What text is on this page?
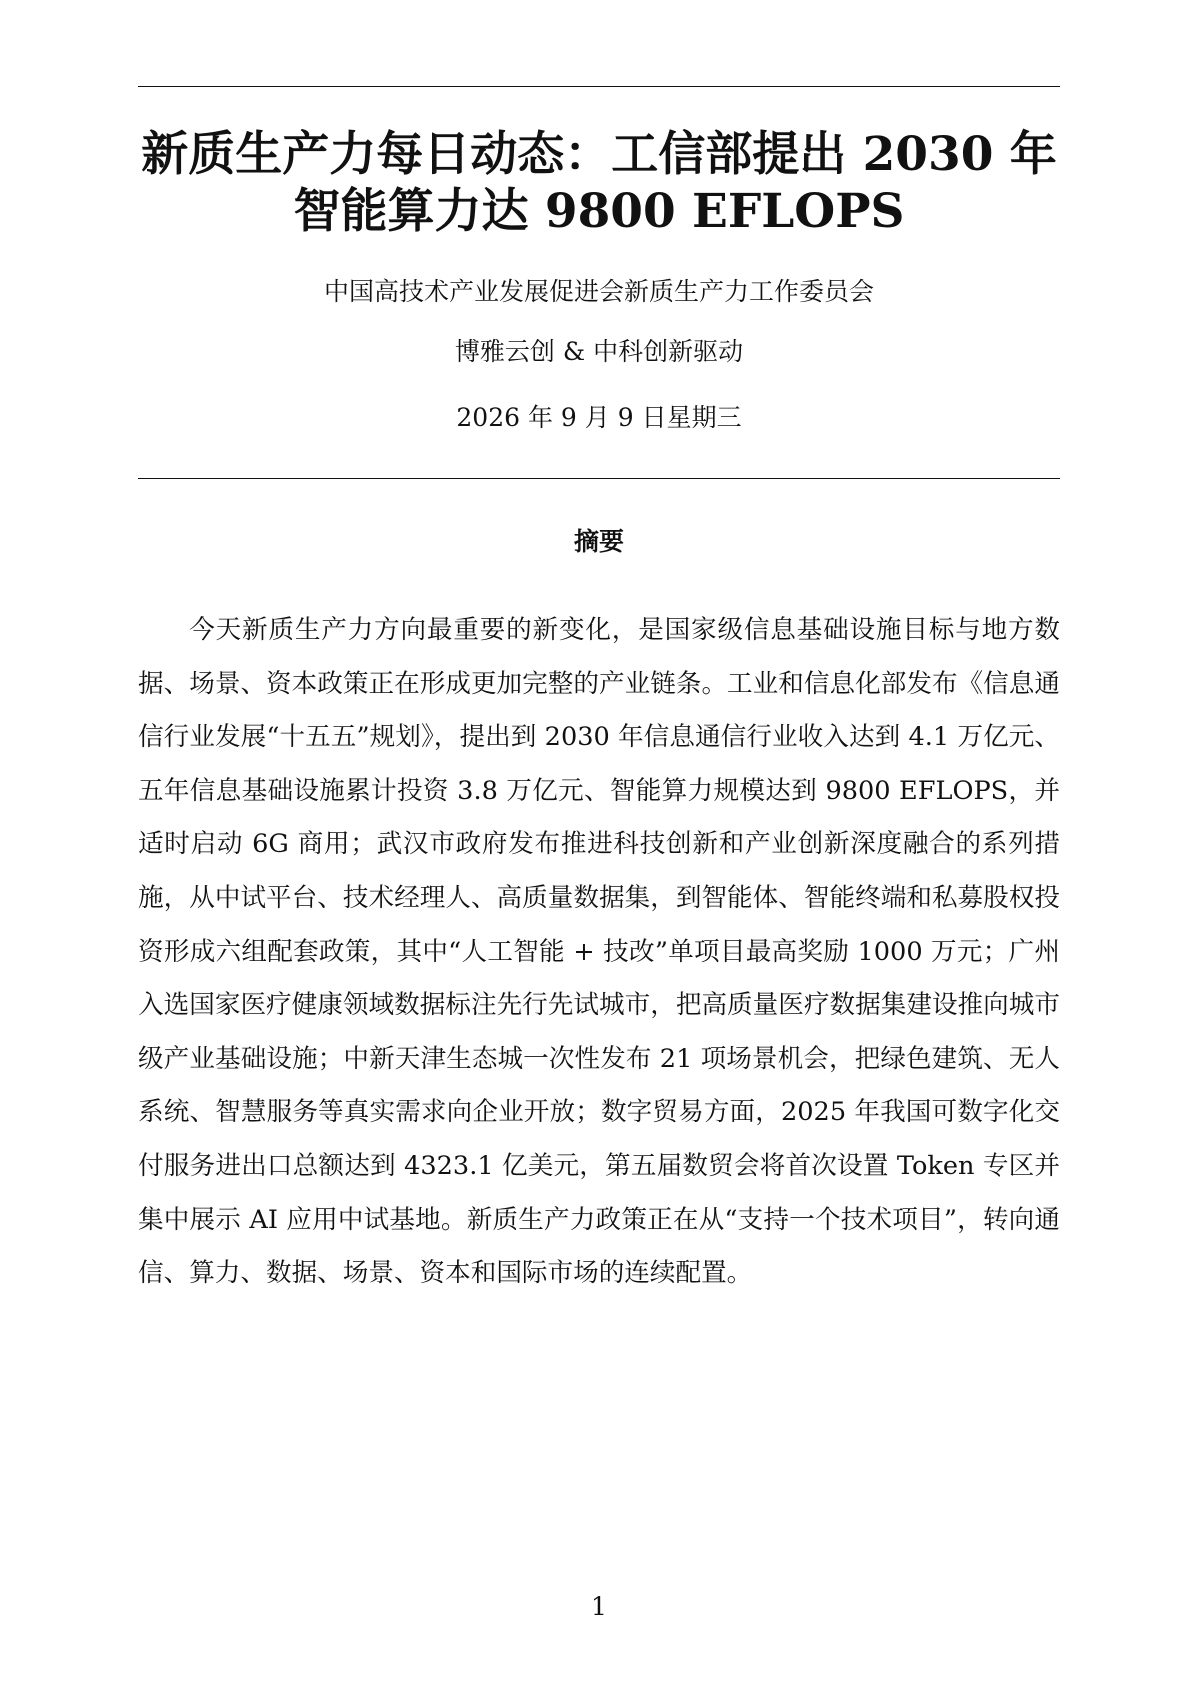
新质生产力每日动态：工信部提出 2030 年智能算力达 9800 EFLOPS

中国高技术产业发展促进会新质生产力工作委员会

博雅云创 & 中科创新驱动

2026 年 9 月 9 日星期三

摘要

今天新质生产力方向最重要的新变化，是国家级信息基础设施目标与地方数据、场景、资本政策正在形成更加完整的产业链条。工业和信息化部发布《信息通信行业发展“十五五”规划》，提出到 2030 年信息通信行业收入达到 4.1 万亿元、五年信息基础设施累计投资 3.8 万亿元、智能算力规模达到 9800 EFLOPS，并适时启动 6G 商用；武汉市政府发布推进科技创新和产业创新深度融合的系列措施，从中试平台、技术经理人、高质量数据集，到智能体、智能终端和私募股权投资形成六组配套政策，其中“人工智能 + 技改”单项目最高奖励 1000 万元；广州入选国家医疗健康领域数据标注先行先试城市，把高质量医疗数据集建设推向城市级产业基础设施；中新天津生态城一次性发布 21 项场景机会，把绿色建筑、无人系统、智慧服务等真实需求向企业开放；数字贸易方面，2025 年我国可数字化交付服务进出口总额达到 4323.1 亿美元，第五届数贸会将首次设置 Token 专区并集中展示 AI 应用中试基地。新质生产力政策正在从“支持一个技术项目”，转向通信、算力、数据、场景、资本和国际市场的连续配置。

1
